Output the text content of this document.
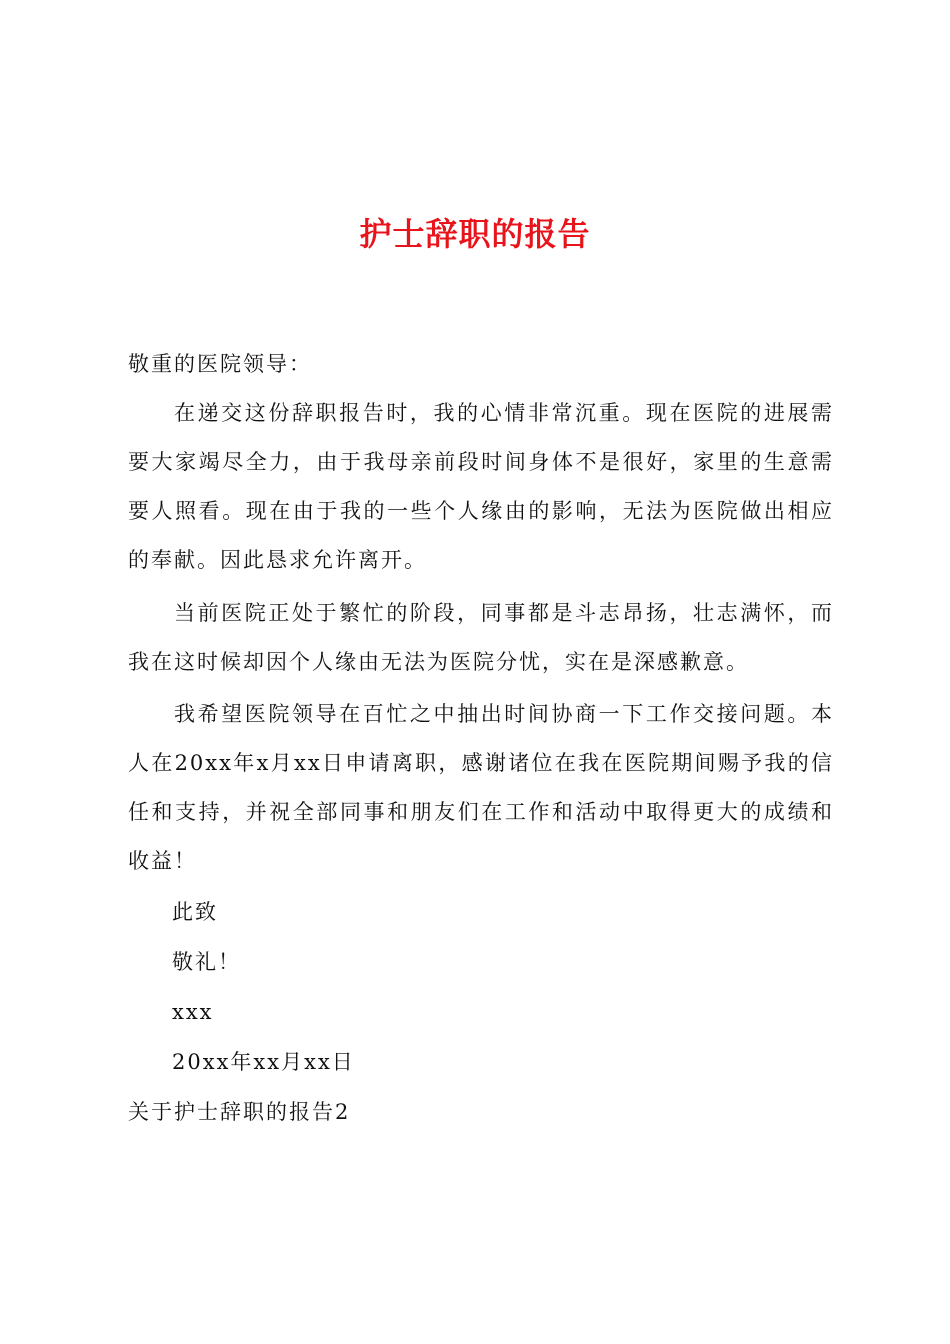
护士辞职的报告
敬重的医院领导：

在递交这份辞职报告时，我的心情非常沉重。现在医院的进展需要大家竭尽全力，由于我母亲前段时间身体不是很好，家里的生意需要人照看。现在由于我的一些个人缘由的影响，无法为医院做出相应的奉献。因此恳求允许离开。

当前医院正处于繁忙的阶段，同事都是斗志昂扬，壮志满怀，而我在这时候却因个人缘由无法为医院分忧，实在是深感歉意。

我希望医院领导在百忙之中抽出时间协商一下工作交接问题。本人在20xx年x月xx日申请离职，感谢诸位在我在医院期间赐予我的信任和支持，并祝全部同事和朋友们在工作和活动中取得更大的成绩和收益！

此致
敬礼！
xxx
20xx年xx月xx日
关于护士辞职的报告2
